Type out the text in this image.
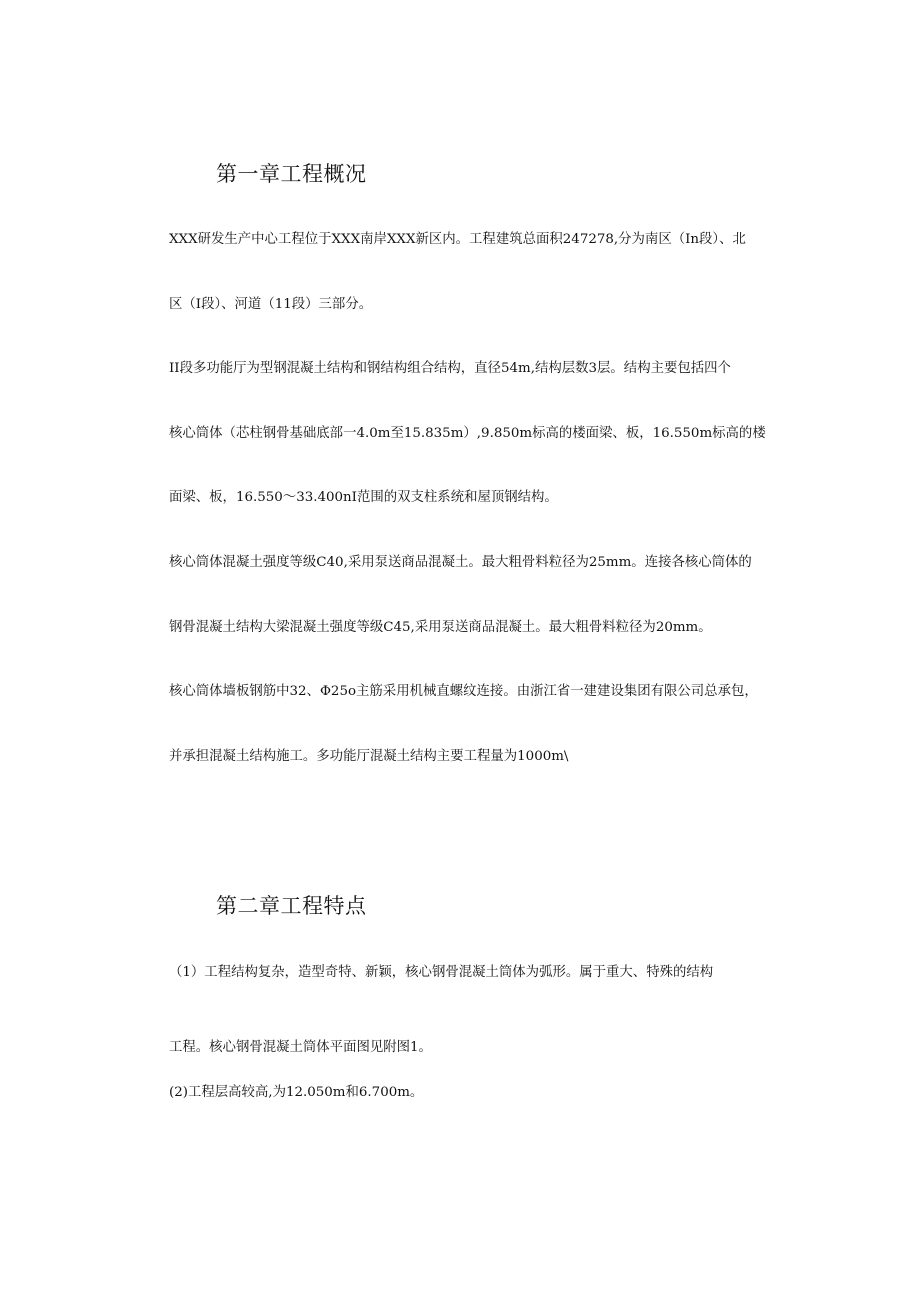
第一章工程概况

XXX研发生产中心工程位于XXX南岸XXX新区内。工程建筑总面积247278,分为南区（In段）、北

区（I段）、河道（11段）三部分。

II段多功能厅为型钢混凝土结构和钢结构组合结构，直径54m,结构层数3层。结构主要包括四个

核心筒体（芯柱钢骨基础底部一4.0m至15.835m）,9.850m标高的楼面梁、板，16.550m标高的楼

面梁、板，16.550～33.400nI范围的双支柱系统和屋顶钢结构。

核心筒体混凝土强度等级C40,采用泵送商品混凝土。最大粗骨料粒径为25mm。连接各核心筒体的

钢骨混凝土结构大梁混凝土强度等级C45,采用泵送商品混凝土。最大粗骨料粒径为20mm。

核心筒体墙板钢筋中32、Φ25o主筋采用机械直螺纹连接。由浙江省一建建设集团有限公司总承包，

并承担混凝土结构施工。多功能厅混凝土结构主要工程量为1000m\

第二章工程特点

（1）工程结构复杂，造型奇特、新颖，核心钢骨混凝土筒体为弧形。属于重大、特殊的结构

工程。核心钢骨混凝土筒体平面图见附图1。

(2)工程层高较高,为12.050m和6.700m。
